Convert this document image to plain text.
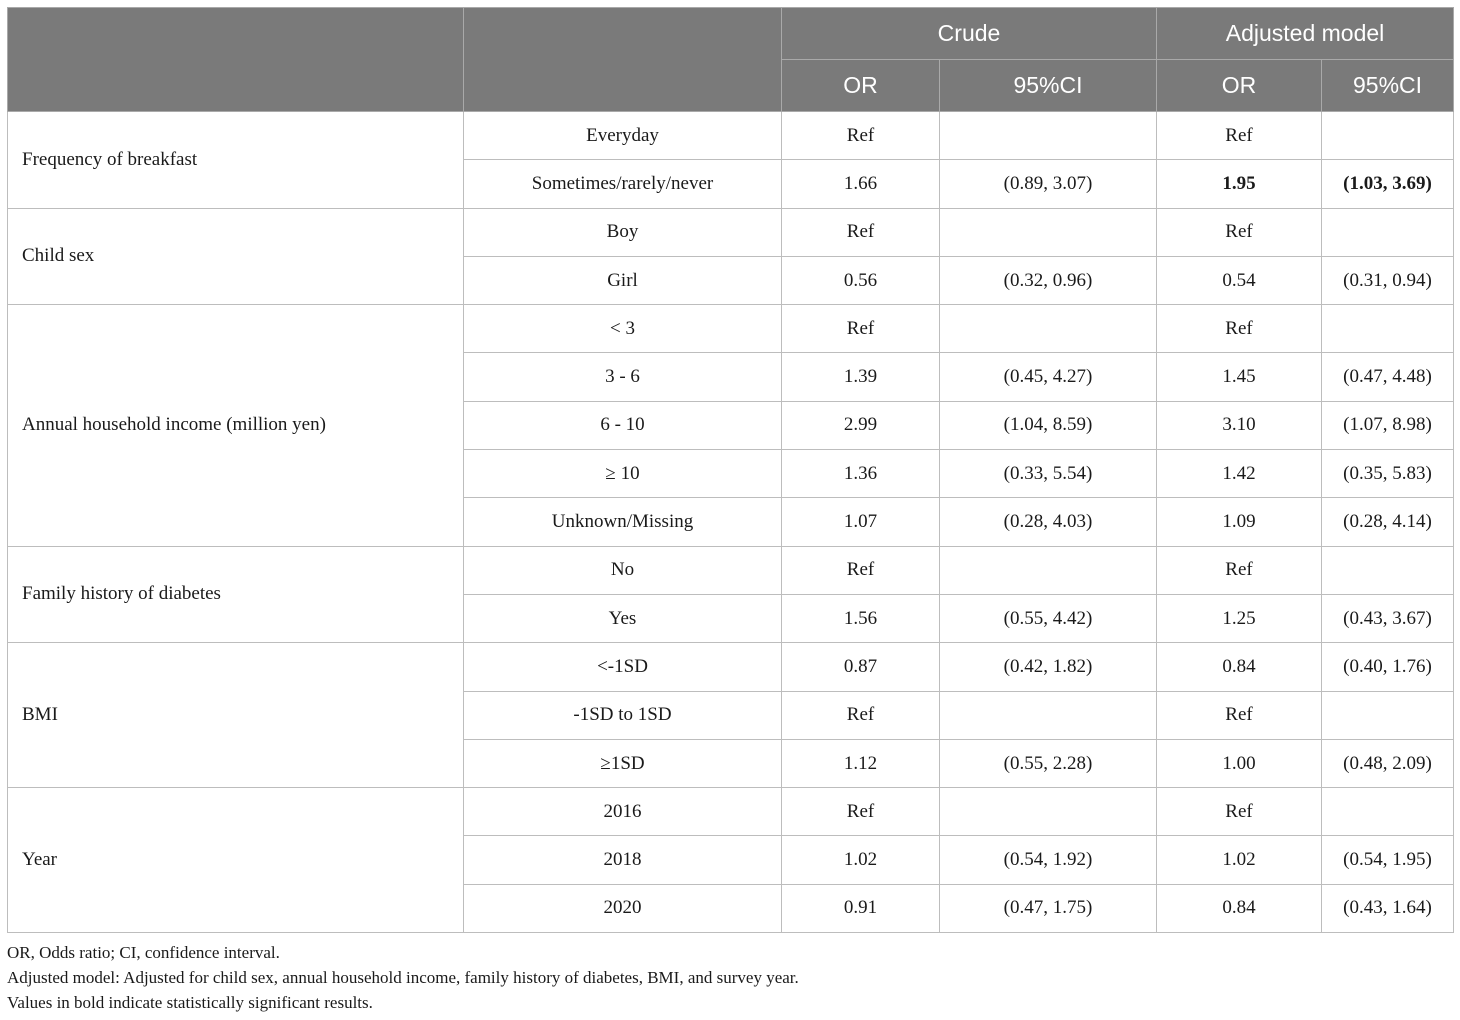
		Crude		Adjusted model	
		OR	95%CI	OR	95%CI
Frequency of breakfast	Everyday	Ref		Ref	
	Sometimes/rarely/never	1.66	(0.89, 3.07)	1.95	(1.03, 3.69)
Child sex	Boy	Ref		Ref	
	Girl	0.56	(0.32, 0.96)	0.54	(0.31, 0.94)
Annual household income (million yen)	< 3	Ref		Ref	
	3 - 6	1.39	(0.45, 4.27)	1.45	(0.47, 4.48)
	6 - 10	2.99	(1.04, 8.59)	3.10	(1.07, 8.98)
	≥ 10	1.36	(0.33, 5.54)	1.42	(0.35, 5.83)
	Unknown/Missing	1.07	(0.28, 4.03)	1.09	(0.28, 4.14)
Family history of diabetes	No	Ref		Ref	
	Yes	1.56	(0.55, 4.42)	1.25	(0.43, 3.67)
BMI	<-1SD	0.87	(0.42, 1.82)	0.84	(0.40, 1.76)
	-1SD to 1SD	Ref		Ref	
	≥1SD	1.12	(0.55, 2.28)	1.00	(0.48, 2.09)
Year	2016	Ref		Ref	
	2018	1.02	(0.54, 1.92)	1.02	(0.54, 1.95)
	2020	0.91	(0.47, 1.75)	0.84	(0.43, 1.64)

OR, Odds ratio; CI, confidence interval.

Adjusted model: Adjusted for child sex, annual household income, family history of diabetes, BMI, and survey year.

Values in bold indicate statistically significant results.
